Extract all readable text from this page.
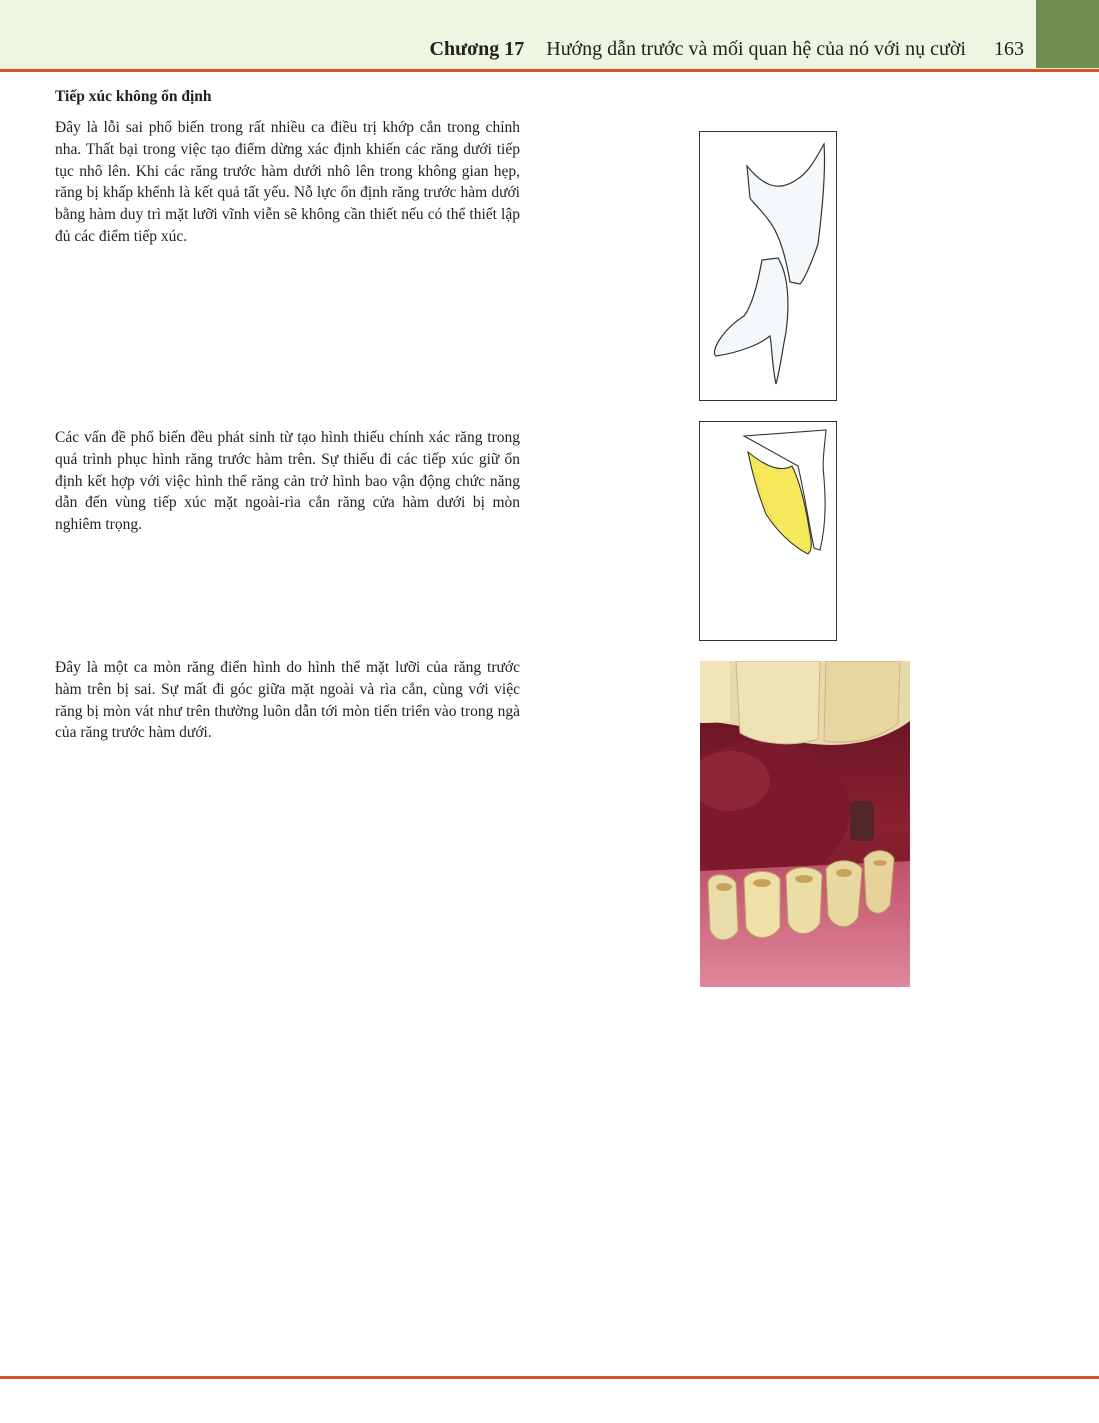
Chương 17 Hướng dẫn trước và mối quan hệ của nó với nụ cười 163
Tiếp xúc không ổn định

Đây là lỗi sai phổ biến trong rất nhiều ca điều trị khớp cắn trong chỉnh nha. Thất bại trong việc tạo điểm dừng xác định khiến các răng dưới tiếp tục nhô lên. Khi các răng trước hàm dưới nhô lên trong không gian hẹp, răng bị khấp khểnh là kết quả tất yếu. Nỗ lực ổn định răng trước hàm dưới bằng hàm duy trì mặt lưỡi vĩnh viễn sẽ không cần thiết nếu có thể thiết lập đủ các điểm tiếp xúc.

Các vấn đề phổ biến đều phát sinh từ tạo hình thiếu chính xác răng trong quá trình phục hình răng trước hàm trên. Sự thiếu đi các tiếp xúc giữ ổn định kết hợp với việc hình thể răng cản trở hình bao vận động chức năng dẫn đến vùng tiếp xúc mặt ngoài-rìa cắn răng cửa hàm dưới bị mòn nghiêm trọng.

Đây là một ca mòn răng điển hình do hình thể mặt lưỡi của răng trước hàm trên bị sai. Sự mất đi góc giữa mặt ngoài và rìa cắn, cùng với việc răng bị mòn vát như trên thường luôn dẫn tới mòn tiến triển vào trong ngà của răng trước hàm dưới.
